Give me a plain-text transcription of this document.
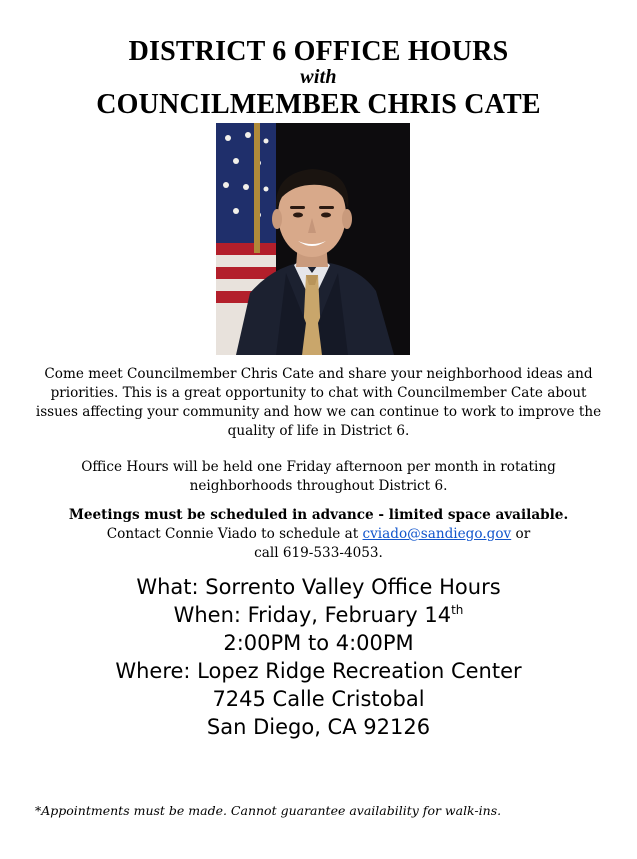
DISTRICT 6 OFFICE HOURS
with
COUNCILMEMBER CHRIS CATE
Come meet Councilmember Chris Cate and share your neighborhood ideas and priorities. This is a great opportunity to chat with Councilmember Cate about issues affecting your community and how we can continue to work to improve the quality of life in District 6.
Office Hours will be held one Friday afternoon per month in rotating neighborhoods throughout District 6.
Meetings must be scheduled in advance - limited space available.
Contact Connie Viado to schedule at cviado@sandiego.gov or
call 619-533-4053.
What: Sorrento Valley Office Hours
When: Friday, February 14th
2:00PM to 4:00PM
Where: Lopez Ridge Recreation Center
7245 Calle Cristobal
San Diego, CA 92126
*Appointments must be made. Cannot guarantee availability for walk-ins.
